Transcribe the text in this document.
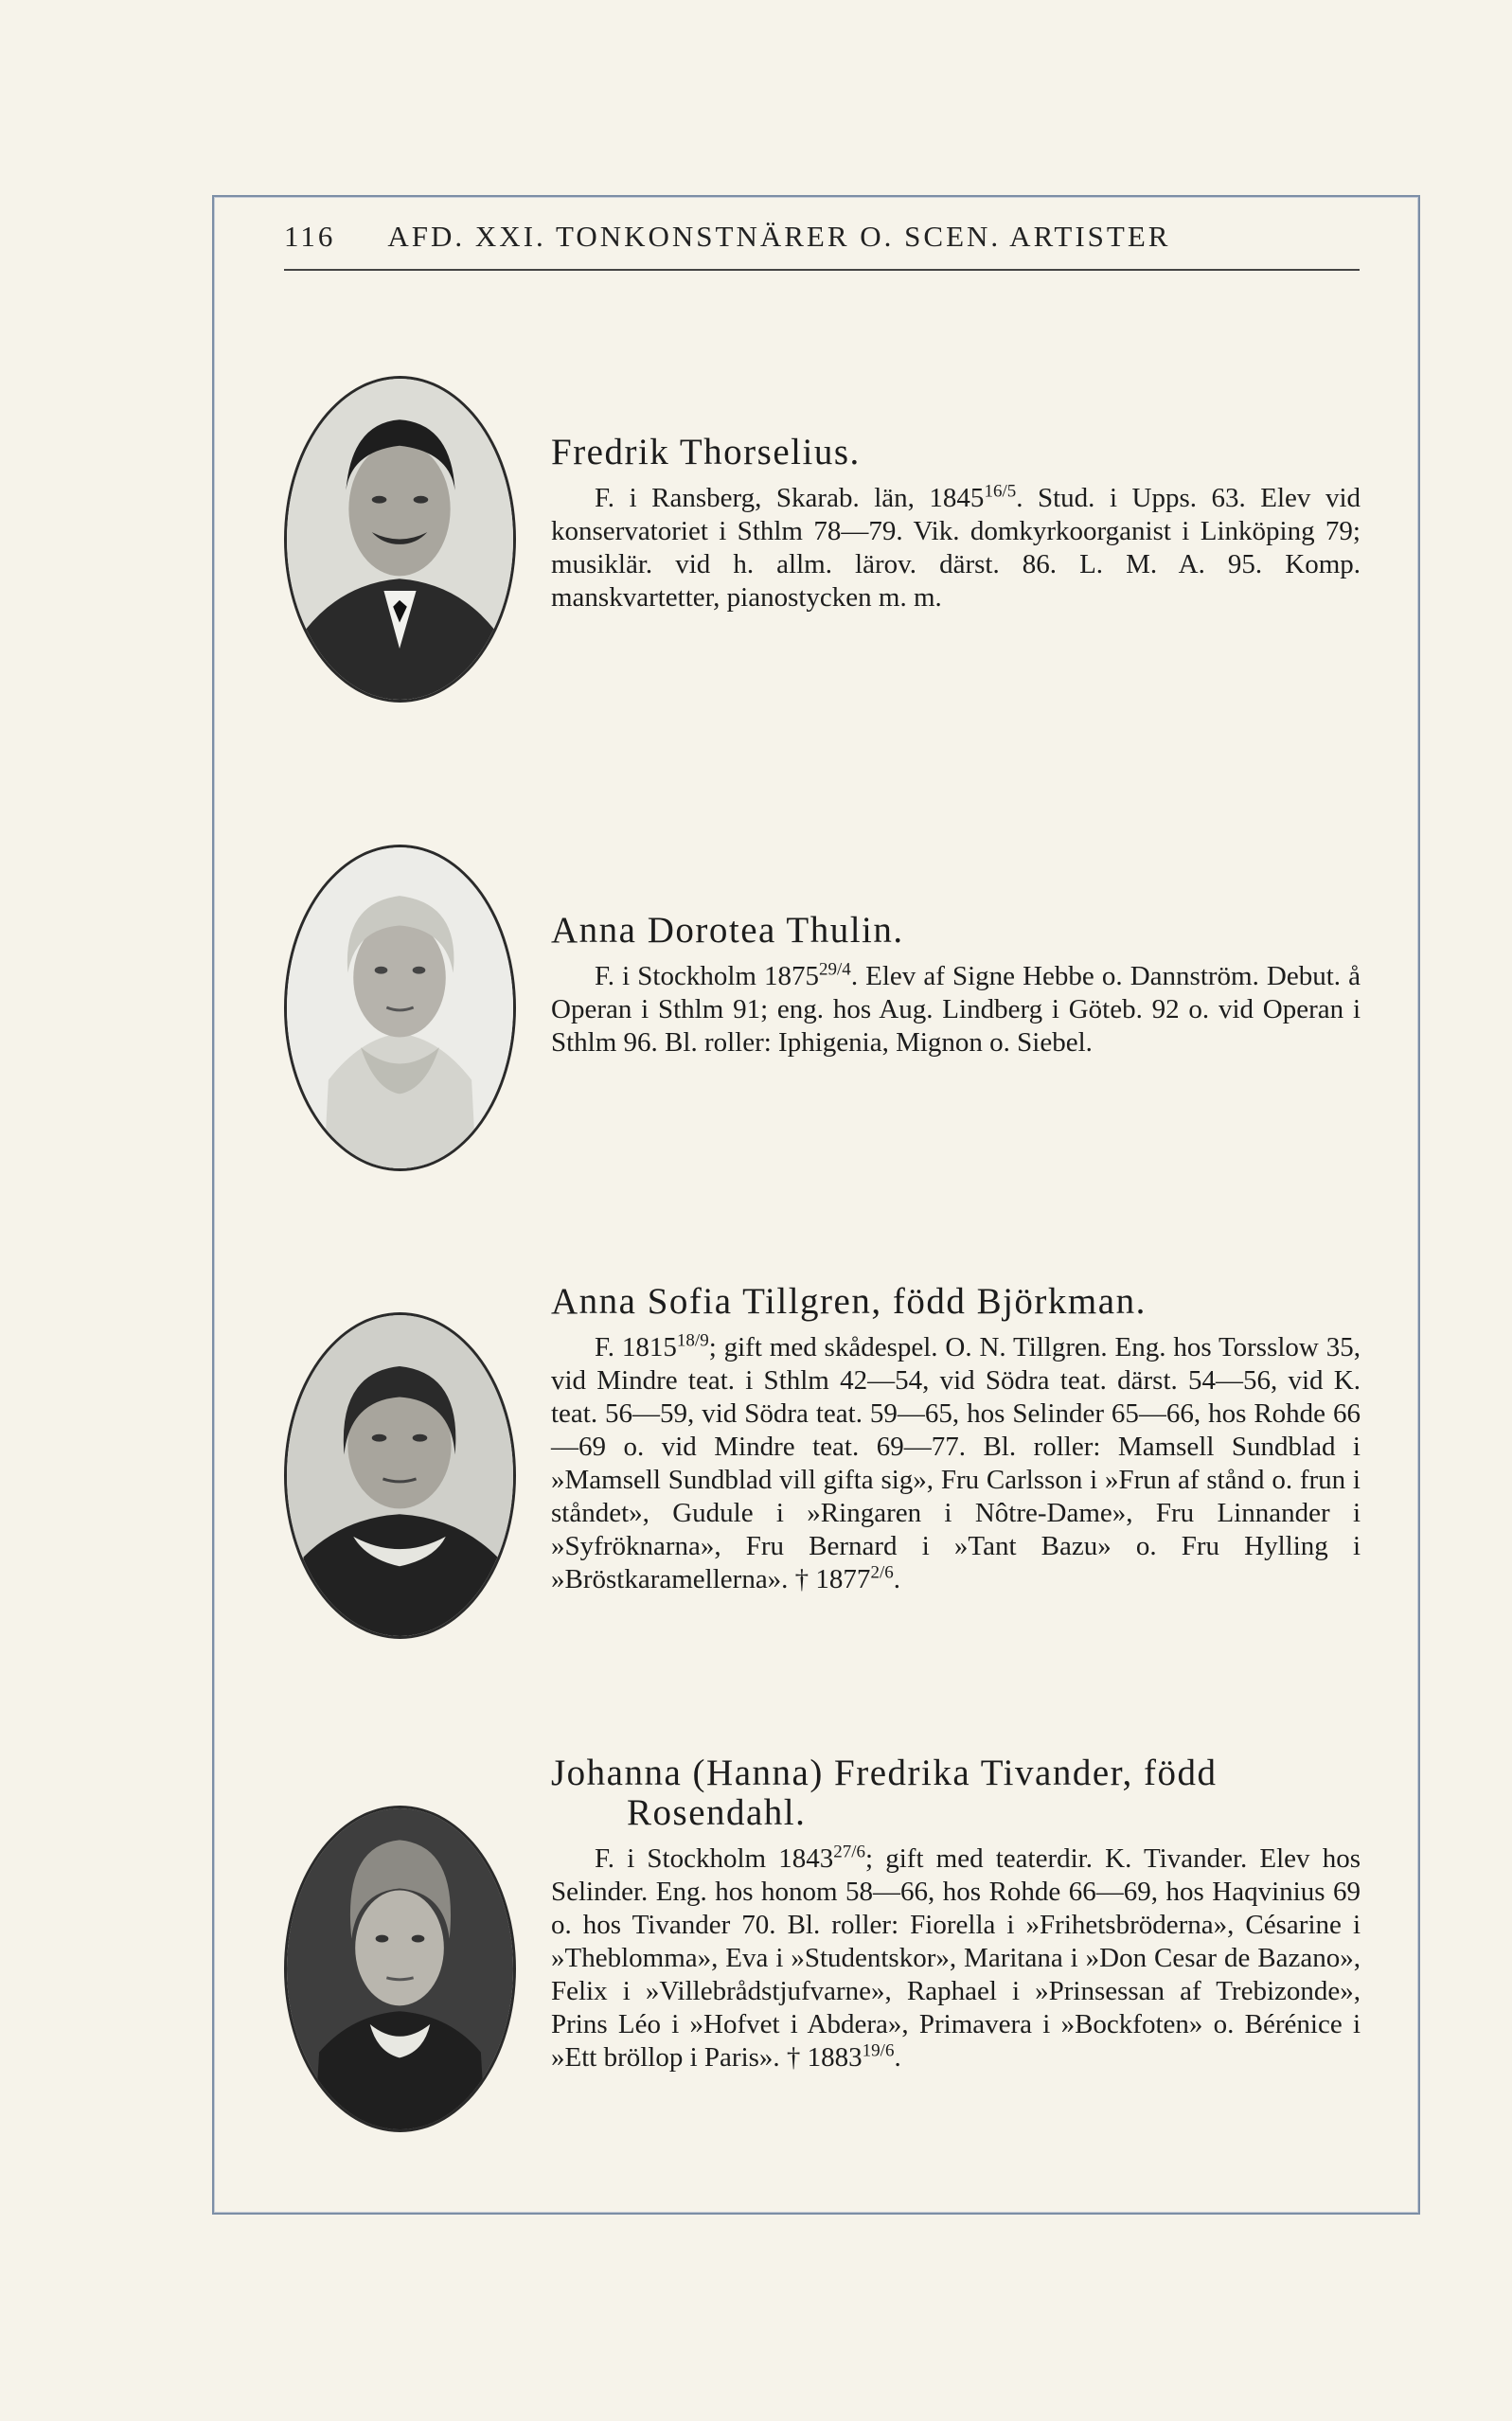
116 AFD. XXI. TONKONSTNÄRER O. SCEN. ARTISTER
Fredrik Thorselius.
F. i Ransberg, Skarab. län, $1845^{16/5}$. Stud. i Upps. 63. Elev vid konservatoriet i Sthlm 78—79. Vik. domkyrkoorganist i Linköping 79; musiklär. vid h. allm. lärov. därst. 86. L. M. A. 95. Komp. manskvartetter, pianostycken m. m.
Anna Dorotea Thulin.
F. i Stockholm $1875^{29/4}$. Elev af Signe Hebbe o. Dannström. Debut. å Operan i Sthlm 91; eng. hos Aug. Lindberg i Göteb. 92 o. vid Operan i Sthlm 96. Bl. roller: Iphigenia, Mignon o. Siebel.
Anna Sofia Tillgren, född Björkman.
F. $1815^{18/9}$; gift med skådespel. O. N. Tillgren. Eng. hos Torsslow 35, vid Mindre teat. i Sthlm 42—54, vid Södra teat. därst. 54—56, vid K. teat. 56—59, vid Södra teat. 59—65, hos Selinder 65—66, hos Rohde 66—69 o. vid Mindre teat. 69—77. Bl. roller: Mamsell Sundblad i »Mamsell Sundblad vill gifta sig», Fru Carlsson i »Frun af stånd o. frun i ståndet», Gudule i »Ringaren i Nôtre-Dame», Fru Linnander i »Syfröknarna», Fru Bernard i »Tant Bazu» o. Fru Hylling i »Bröstkaramellerna». † $1877^{2/6}$.
Johanna (Hanna) Fredrika Tivander, född Rosendahl.
F. i Stockholm $1843^{27/6}$; gift med teaterdir. K. Tivander. Elev hos Selinder. Eng. hos honom 58—66, hos Rohde 66—69, hos Haqvinius 69 o. hos Tivander 70. Bl. roller: Fiorella i »Frihetsbröderna», Césarine i »Theblomma», Eva i »Studentskor», Maritana i »Don Cesar de Bazano», Felix i »Villebrådstjufvarne», Raphael i »Prinsessan af Trebizonde», Prins Léo i »Hofvet i Abdera», Primavera i »Bockfoten» o. Bérénice i »Ett bröllop i Paris». † $1883^{19/6}$.
